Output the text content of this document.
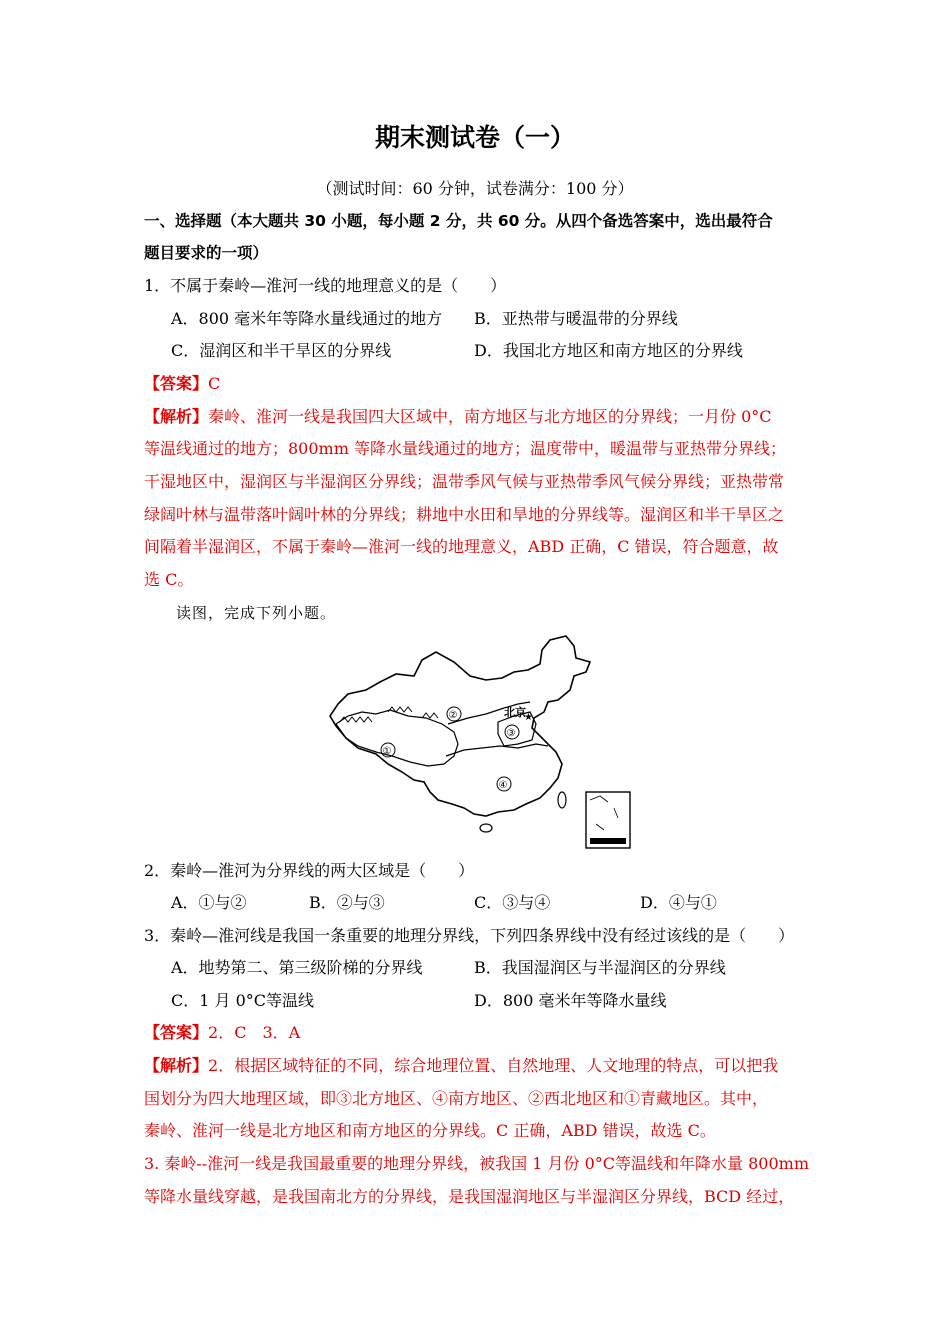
期末测试卷（一）
（测试时间：60 分钟，试卷满分：100 分）
一、选择题（本大题共 30 小题，每小题 2 分，共 60 分。从四个备选答案中，选出最符合
题目要求的一项）
1．不属于秦岭—淮河一线的地理意义的是（　　）
A．800 毫米年等降水量线通过的地方 B．亚热带与暖温带的分界线
C．湿润区和半干旱区的分界线	D．我国北方地区和南方地区的分界线
【答案】C
【解析】秦岭、淮河一线是我国四大区域中，南方地区与北方地区的分界线；一月份 0°C
等温线通过的地方；800mm 等降水量线通过的地方；温度带中，暖温带与亚热带分界线；
干湿地区中，湿润区与半湿润区分界线；温带季风气候与亚热带季风气候分界线；亚热带常
绿阔叶林与温带落叶阔叶林的分界线；耕地中水田和旱地的分界线等。湿润区和半干旱区之
间隔着半湿润区，不属于秦岭—淮河一线的地理意义，ABD 正确，C 错误，符合题意，故
选 C。
读图，完成下列小题。
北京
★
①
②
③
④
2．秦岭—淮河为分界线的两大区域是（　　）
A．①与②	B．②与③	C．③与④	D．④与①
3．秦岭—淮河线是我国一条重要的地理分界线，下列四条界线中没有经过该线的是（　　）
A．地势第二、第三级阶梯的分界线	B．我国湿润区与半湿润区的分界线
C．1 月 0°C等温线	D．800 毫米年等降水量线
【答案】2．C　3．A
【解析】2．根据区域特征的不同，综合地理位置、自然地理、人文地理的特点，可以把我
国划分为四大地理区域，即③北方地区、④南方地区、②西北地区和①青藏地区。其中，
秦岭、淮河一线是北方地区和南方地区的分界线。C 正确，ABD 错误，故选 C。
3. 秦岭--淮河一线是我国最重要的地理分界线，被我国 1 月份 0°C等温线和年降水量 800mm
等降水量线穿越，是我国南北方的分界线，是我国湿润地区与半湿润区分界线，BCD 经过，
